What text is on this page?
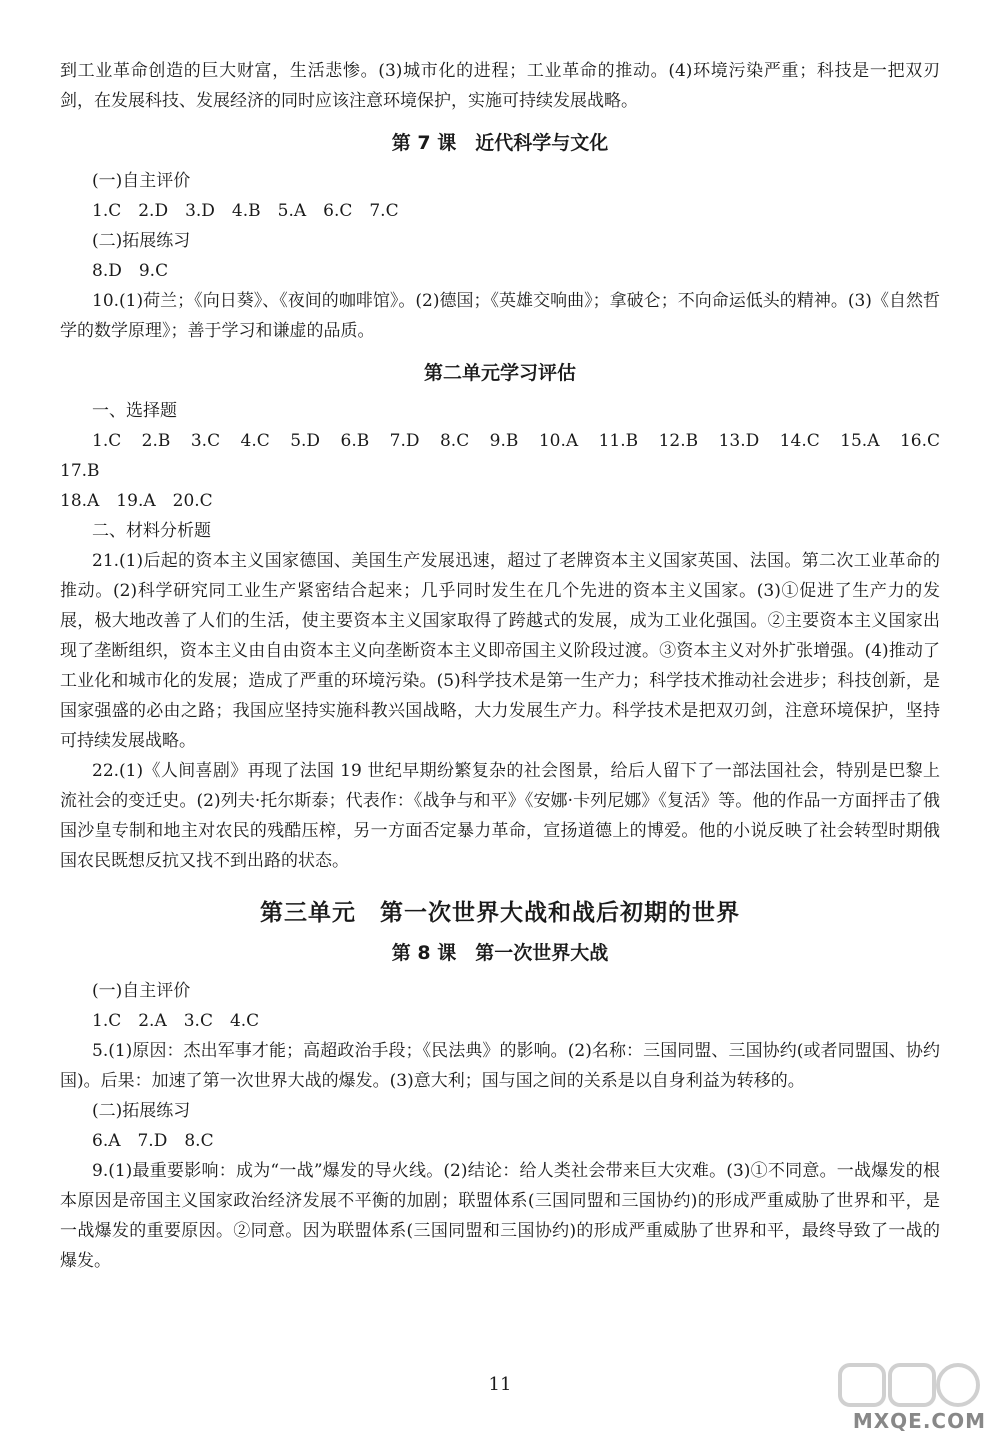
到工业革命创造的巨大财富，生活悲惨。(3)城市化的进程；工业革命的推动。(4)环境污染严重；科技是一把双刃剑，在发展科技、发展经济的同时应该注意环境保护，实施可持续发展战略。

第 7 课　近代科学与文化

(一)自主评价

1.C　2.D　3.D　4.B　5.A　6.C　7.C

(二)拓展练习

8.D　9.C

10.(1)荷兰；《向日葵》、《夜间的咖啡馆》。(2)德国；《英雄交响曲》；拿破仑；不向命运低头的精神。(3)《自然哲学的数学原理》；善于学习和谦虚的品质。

第二单元学习评估

一、选择题

1.C　2.B　3.C　4.C　5.D　6.B　7.D　8.C　9.B　10.A　11.B　12.B　13.D　14.C　15.A　16.C　17.B

18.A　19.A　20.C

二、材料分析题

21.(1)后起的资本主义国家德国、美国生产发展迅速，超过了老牌资本主义国家英国、法国。第二次工业革命的推动。(2)科学研究同工业生产紧密结合起来；几乎同时发生在几个先进的资本主义国家。(3)①促进了生产力的发展，极大地改善了人们的生活，使主要资本主义国家取得了跨越式的发展，成为工业化强国。②主要资本主义国家出现了垄断组织，资本主义由自由资本主义向垄断资本主义即帝国主义阶段过渡。③资本主义对外扩张增强。(4)推动了工业化和城市化的发展；造成了严重的环境污染。(5)科学技术是第一生产力；科学技术推动社会进步；科技创新，是国家强盛的必由之路；我国应坚持实施科教兴国战略，大力发展生产力。科学技术是把双刃剑，注意环境保护，坚持可持续发展战略。

22.(1)《人间喜剧》再现了法国 19 世纪早期纷繁复杂的社会图景，给后人留下了一部法国社会，特别是巴黎上流社会的变迁史。(2)列夫·托尔斯泰；代表作：《战争与和平》《安娜·卡列尼娜》《复活》等。他的作品一方面抨击了俄国沙皇专制和地主对农民的残酷压榨，另一方面否定暴力革命，宣扬道德上的博爱。他的小说反映了社会转型时期俄国农民既想反抗又找不到出路的状态。

第三单元　第一次世界大战和战后初期的世界
第 8 课　第一次世界大战

(一)自主评价

1.C　2.A　3.C　4.C

5.(1)原因：杰出军事才能；高超政治手段；《民法典》的影响。(2)名称：三国同盟、三国协约(或者同盟国、协约国)。后果：加速了第一次世界大战的爆发。(3)意大利；国与国之间的关系是以自身利益为转移的。

(二)拓展练习

6.A　7.D　8.C

9.(1)最重要影响：成为“一战”爆发的导火线。(2)结论：给人类社会带来巨大灾难。(3)①不同意。一战爆发的根本原因是帝国主义国家政治经济发展不平衡的加剧；联盟体系(三国同盟和三国协约)的形成严重威胁了世界和平，是一战爆发的重要原因。②同意。因为联盟体系(三国同盟和三国协约)的形成严重威胁了世界和平，最终导致了一战的爆发。

11
MXQE.COM
